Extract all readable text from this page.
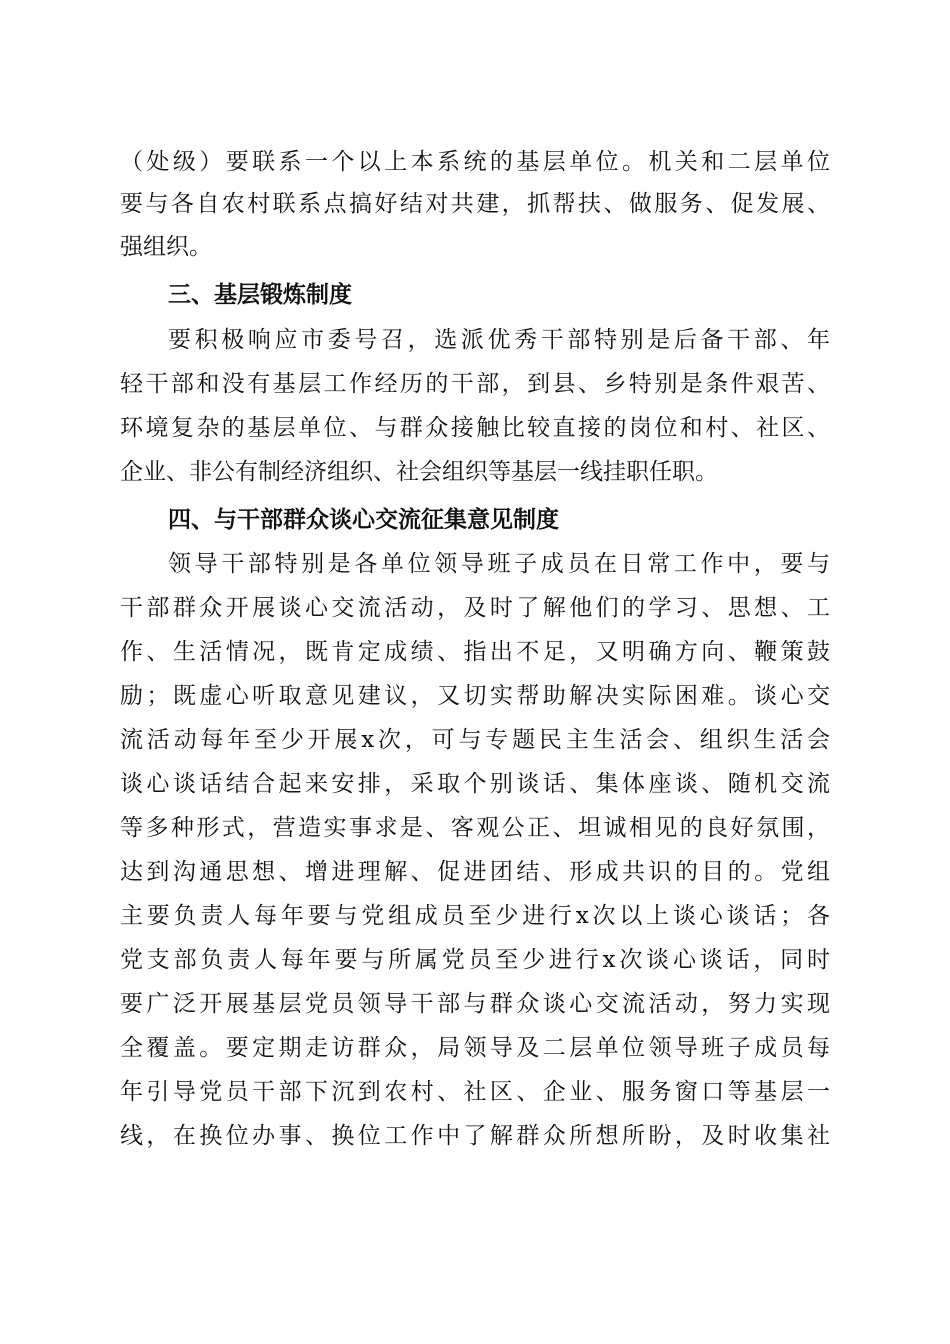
（处级）要联系一个以上本系统的基层单位。机关和二层单位
要与各自农村联系点搞好结对共建，抓帮扶、做服务、促发展、
强组织。
三、基层锻炼制度
要积极响应市委号召，选派优秀干部特别是后备干部、年
轻干部和没有基层工作经历的干部，到县、乡特别是条件艰苦、
环境复杂的基层单位、与群众接触比较直接的岗位和村、社区、
企业、非公有制经济组织、社会组织等基层一线挂职任职。
四、与干部群众谈心交流征集意见制度
领导干部特别是各单位领导班子成员在日常工作中，要与
干部群众开展谈心交流活动，及时了解他们的学习、思想、工
作、生活情况，既肯定成绩、指出不足，又明确方向、鞭策鼓
励；既虚心听取意见建议，又切实帮助解决实际困难。谈心交
流活动每年至少开展x次，可与专题民主生活会、组织生活会
谈心谈话结合起来安排，采取个别谈话、集体座谈、随机交流
等多种形式，营造实事求是、客观公正、坦诚相见的良好氛围，
达到沟通思想、增进理解、促进团结、形成共识的目的。党组
主要负责人每年要与党组成员至少进行x次以上谈心谈话；各
党支部负责人每年要与所属党员至少进行x次谈心谈话，同时
要广泛开展基层党员领导干部与群众谈心交流活动，努力实现
全覆盖。要定期走访群众，局领导及二层单位领导班子成员每
年引导党员干部下沉到农村、社区、企业、服务窗口等基层一
线，在换位办事、换位工作中了解群众所想所盼，及时收集社
